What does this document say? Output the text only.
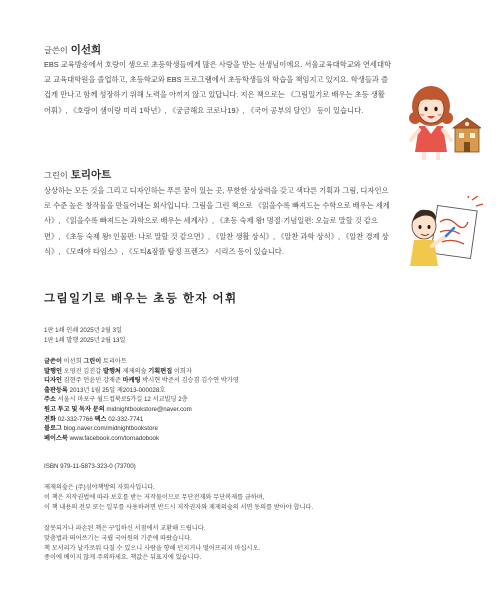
글쓴이 이선희

EBS 교육방송에서 호랑이 샘으로 초등학생들에게 많은 사랑을 받는 선생님이에요. 서울교육대학교와 연세대학교 교육대학원을 졸업하고, 초등학교와 EBS 프로그램에서 초등학생들의 학습을 책임지고 있지요. 학생들과 즐겁게 만나고 함께 성장하기 위해 노력을 아끼지 않고 있답니다. 지은 책으로는 《그림일기로 배우는 초등 생활 어휘》, 《호랑이 샘이랑 미리 1학년》, 《궁금해요 코로나19》, 《국어 공부의 달인》 등이 있습니다.

그린이 토리아트

상상하는 모든 것을 그리고 디자인하는 푸른 꿈이 있는 곳, 무한한 상상력을 갖고 색다른 기획과 그림, 디자인으로 수준 높은 창작물을 만들어내는 회사입니다. 그림을 그린 책으로 《읽을수록 빠져드는 수학으로 배우는 세계사》, 《읽을수록 빠져드는 과학으로 배우는 세계사》, 《초등 숙제 왕! 명절·기념일편: 오늘로 말할 것 같으면》, 《초등 숙제 왕! 인물편: 나로 말할 것 같으면》, 《알찬 생활 상식》, 《알찬 과학 상식》, 《알찬 경제 상식》, 《모래야 타임스》, 《도티&잠뜰 탐정 프렌즈》 시리즈 등이 있습니다.

그림일기로 배우는 초등 한자 어휘
1판 1쇄 인쇄 2025년 2월 3일
1판 1쇄 발행 2025년 2월 13일
글쓴이 이선희 그린이 토리아트
발행인 오영진 김진갑 발행처 제제의숲 기획편집 이희자
디자인 김현주 언윤민 강재준 마케팅 박시현 박준서 김승겸 김수연 박가영
출판등록 2013년 1월 25일 제2013-000028호
주소 서울시 마포구 월드컵북로5가길 12 서교빌딩 2층
원고 투고 및 독자 문의 midnightbookstore@naver.com
전화 02-332-7766 팩스 02-332-7741
블로그 blog.naver.com/midnightbookstore
페이스북 www.facebook.com/tornadobook
ISBN 979-11-5873-323-0 (73700)
제제의숲은 (주)심야책방의 자회사입니다.
이 책은 저작권법에 따라 보호를 받는 저작물이므로 무단전재와 무단복제를 금하며,
이 책 내용의 전부 또는 일부를 사용하려면 반드시 저작권자와 제제의숲의 서면 동의를 받아야 합니다.
잘못되거나 파손된 책은 구입하신 서점에서 교환해 드립니다.
맞춤법과 띄어쓰기는 국립 국어원의 기준에 따랐습니다.
책 모서리가 날카로워 다칠 수 있으니 사람을 향해 던지거나 떨어뜨리지 마십시오.
종이에 베이지 않게 주의하세요. 책값은 뒤표지에 있습니다.
